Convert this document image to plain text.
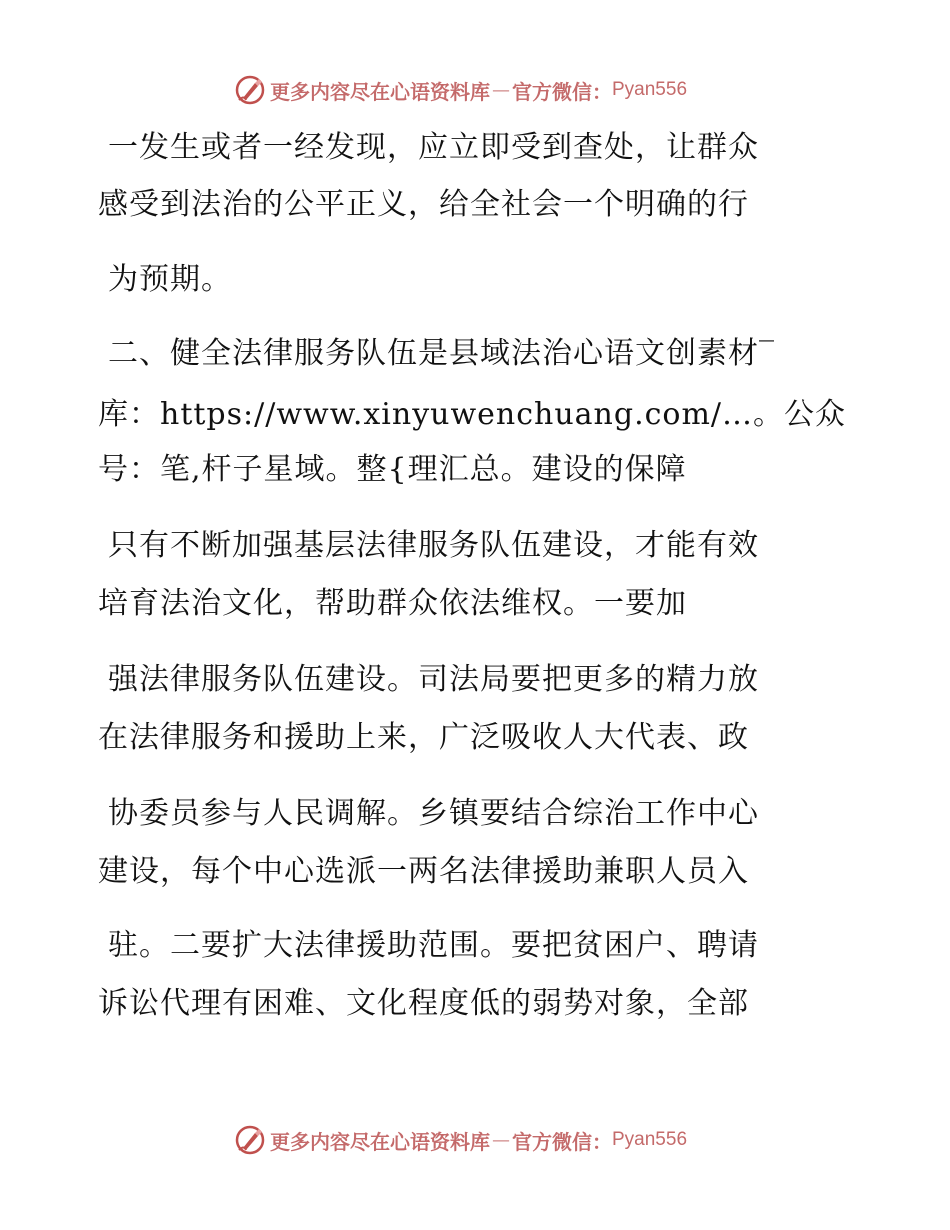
更多内容尽在心语资料库 — 官方微信： Pyan556
一发生或者一经发现，应立即受到查处，让群众
感受到法治的公平正义，给全社会一个明确的行
为预期。
二、健全法律服务队伍是县域法治心语文创素材‾
库：https://www.xinyuwenchuang.com/…。公众
号：笔,杆子星域。整{理汇总。建设的保障
只有不断加强基层法律服务队伍建设，才能有效
培育法治文化，帮助群众依法维权。一要加
强法律服务队伍建设。司法局要把更多的精力放
在法律服务和援助上来，广泛吸收人大代表、政
协委员参与人民调解。乡镇要结合综治工作中心
建设，每个中心选派一两名法律援助兼职人员入
驻。二要扩大法律援助范围。要把贫困户、聘请
诉讼代理有困难、文化程度低的弱势对象，全部
更多内容尽在心语资料库 — 官方微信： Pyan556
